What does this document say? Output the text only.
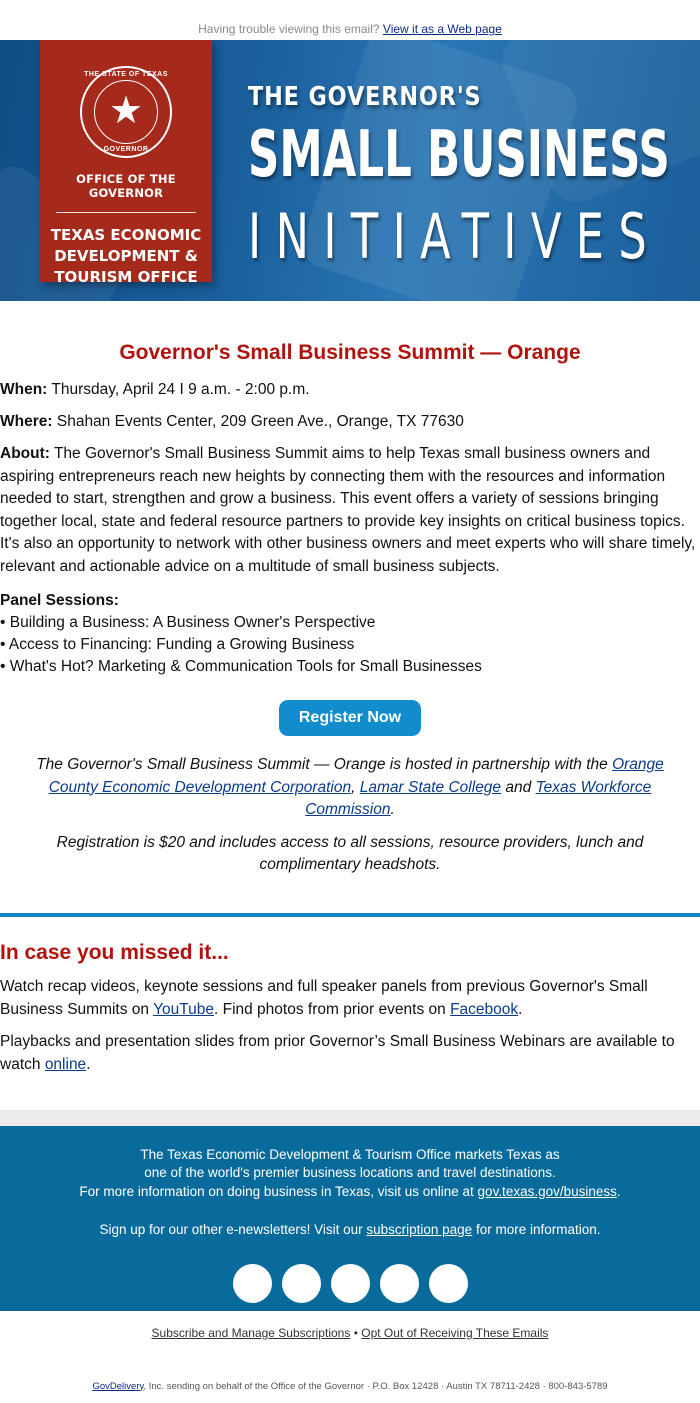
Having trouble viewing this email? View it as a Web page
THE STATE OF TEXAS
★
GOVERNOR
OFFICE OF THE GOVERNOR
TEXAS ECONOMIC
DEVELOPMENT &
TOURISM OFFICE
THE GOVERNOR'S
SMALL BUSINESS
INITIATIVES
Governor's Small Business Summit — Orange
When: Thursday, April 24 I 9 a.m. - 2:00 p.m.
Where: Shahan Events Center, 209 Green Ave., Orange, TX 77630
About: The Governor's Small Business Summit aims to help Texas small business owners and aspiring entrepreneurs reach new heights by connecting them with the resources and information needed to start, strengthen and grow a business. This event offers a variety of sessions bringing together local, state and federal resource partners to provide key insights on critical business topics. It's also an opportunity to network with other business owners and meet experts who will share timely, relevant and actionable advice on a multitude of small business subjects.
Panel Sessions:
• Building a Business: A Business Owner's Perspective
• Access to Financing: Funding a Growing Business
• What's Hot? Marketing & Communication Tools for Small Businesses
Register Now

The Governor's Small Business Summit — Orange is hosted in partnership with the Orange County Economic Development Corporation, Lamar State College and Texas Workforce Commission.

Registration is $20 and includes access to all sessions, resource providers, lunch and complimentary headshots.

In case you missed it...

Watch recap videos, keynote sessions and full speaker panels from previous Governor's Small Business Summits on YouTube. Find photos from prior events on Facebook.

Playbacks and presentation slides from prior Governor’s Small Business Webinars are available to watch online.

The Texas Economic Development & Tourism Office markets Texas as

one of the world's premier business locations and travel destinations.

For more information on doing business in Texas, visit us online at gov.texas.gov/business.

Sign up for our other e-newsletters! Visit our subscription page for more information.

𝕏 f ◎	You Tube in
Subscribe and Manage Subscriptions • Opt Out of Receiving These Emails
GovDelivery, Inc. sending on behalf of the Office of the Governor · P.O. Box 12428 · Austin TX 78711-2428 · 800-843-5789
